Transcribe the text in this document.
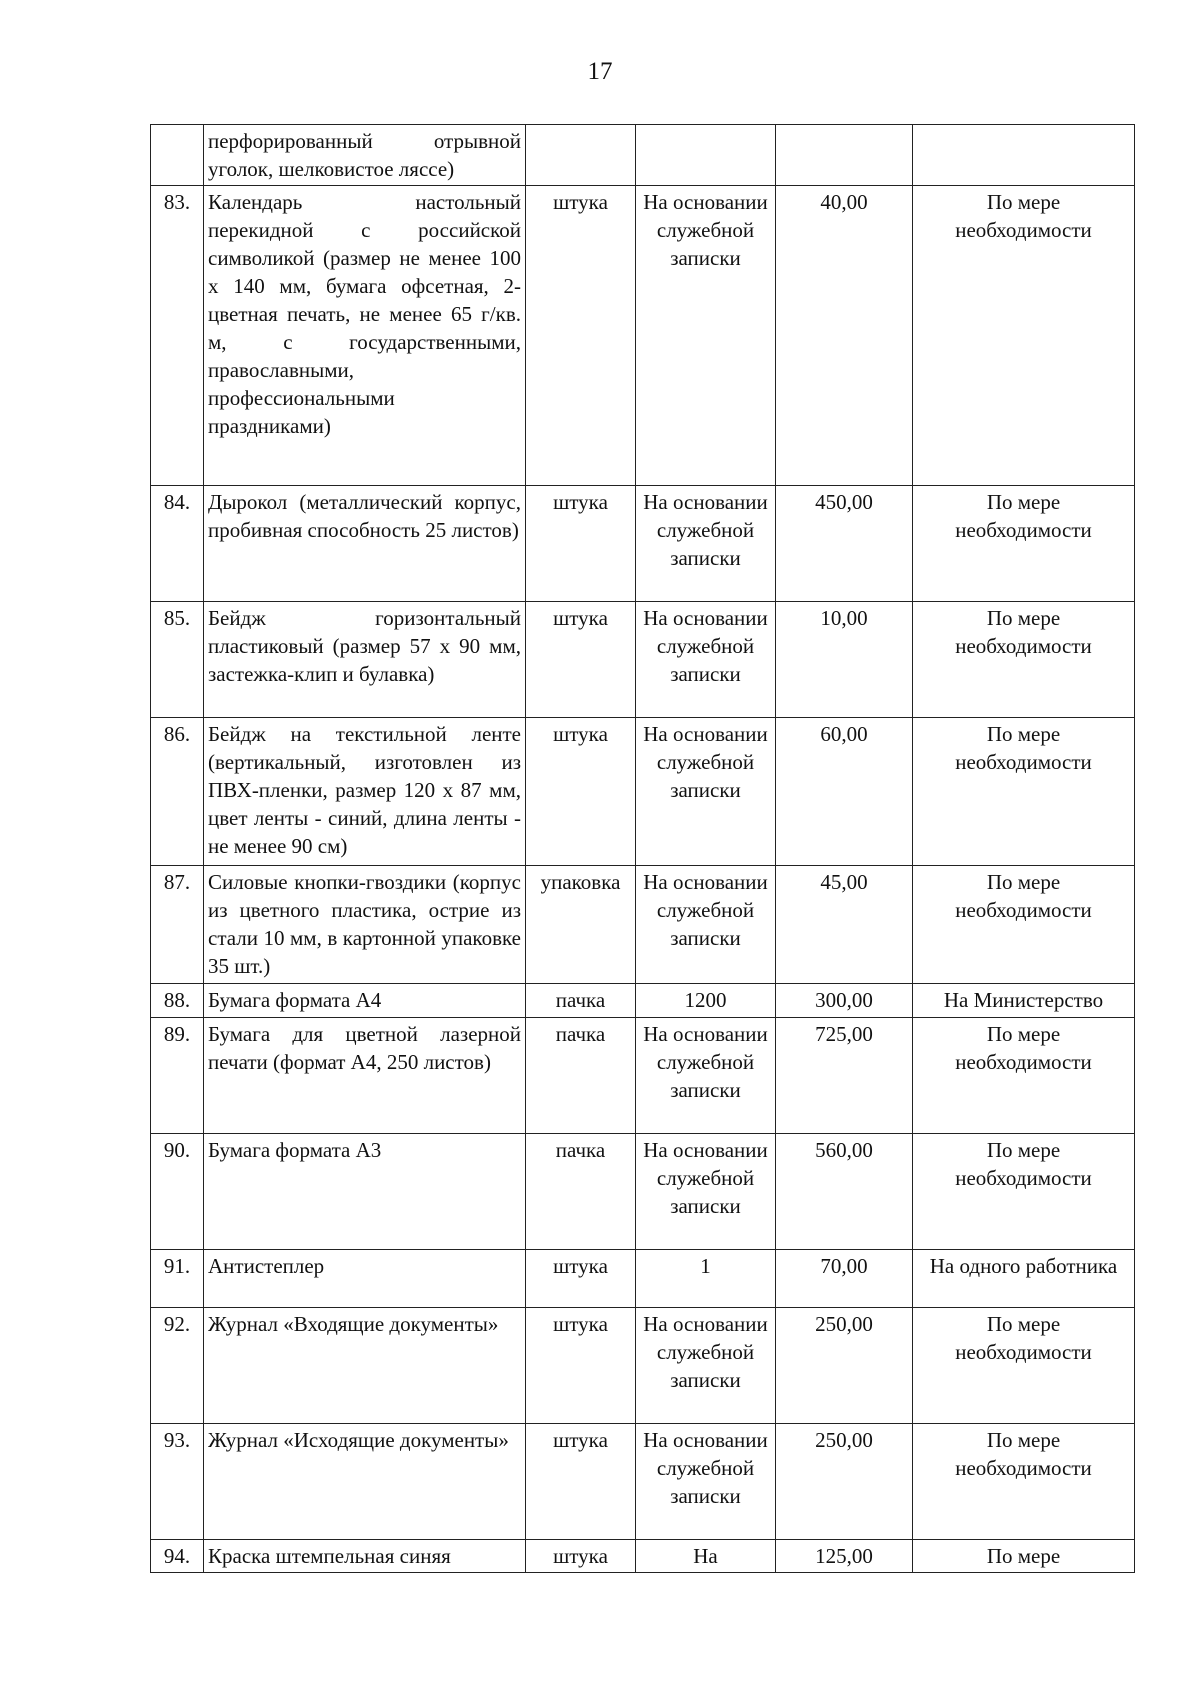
17
	перфорированный отрывной уголок, шелковистое ляссе)				
83.	Календарь настольный перекидной с российской символикой (размер не менее 100 х 140 мм, бумага офсетная, 2-цветная печать, не менее 65 г/кв. м, с государственными, православными, профессиональными праздниками)	штука	На основании служебной записки	40,00	По мере необходимости
84.	Дырокол (металлический корпус, пробивная способность 25 листов)	штука	На основании служебной записки	450,00	По мере необходимости
85.	Бейдж горизонтальный пластиковый (размер 57 х 90 мм, застежка-клип и булавка)	штука	На основании служебной записки	10,00	По мере необходимости
86.	Бейдж на текстильной ленте (вертикальный, изготовлен из ПВХ-пленки, размер 120 х 87 мм, цвет ленты - синий, длина ленты - не менее 90 см)	штука	На основании служебной записки	60,00	По мере необходимости
87.	Силовые кнопки-гвоздики (корпус из цветного пластика, острие из стали 10 мм, в картонной упаковке 35 шт.)	упаковка	На основании служебной записки	45,00	По мере необходимости
88.	Бумага формата А4	пачка	1200	300,00	На Министерство
89.	Бумага для цветной лазерной печати (формат А4, 250 листов)	пачка	На основании служебной записки	725,00	По мере необходимости
90.	Бумага формата А3	пачка	На основании служебной записки	560,00	По мере необходимости
91.	Антистеплер	штука	1	70,00	На одного работника
92.	Журнал «Входящие документы»	штука	На основании служебной записки	250,00	По мере необходимости
93.	Журнал «Исходящие документы»	штука	На основании служебной записки	250,00	По мере необходимости
94.	Краска штемпельная синяя	штука	На	125,00	По мере
